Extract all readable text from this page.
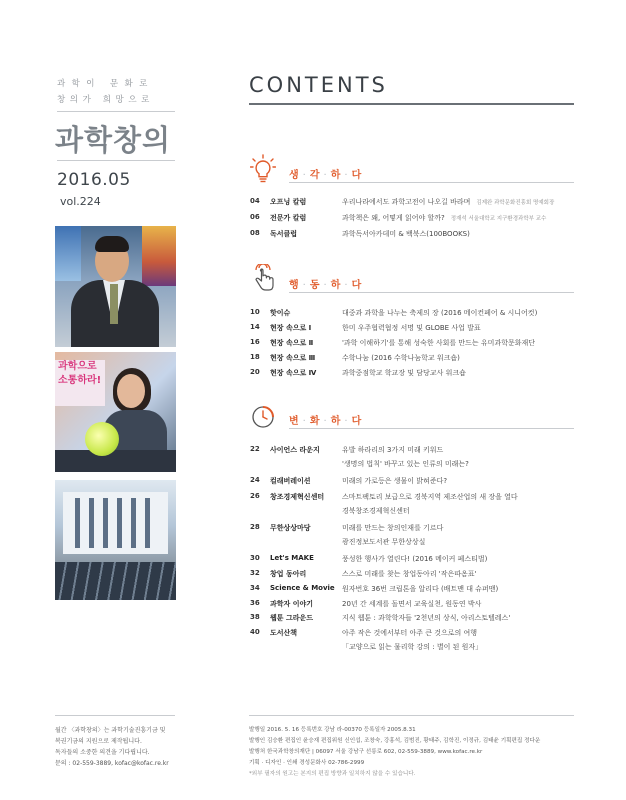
과학이 문화로
창의가 희망으로
과학창의
2016.05 vol.224
과학으로
소통하라!
CONTENTS
생 · 각 · 하 · 다
04 오프닝 칼럼	우리나라에서도 과학고전이 나오길 바라며 김제완 과학문화진흥회 명예회장
06 전문가 칼럼	과학책은 왜, 어떻게 읽어야 할까? 정재석 서울대학교 지구환경과학부 교수
08 독서클럽	과학독서아카데미 & 백북스(100BOOKS)
행 · 동 · 하 · 다
10 핫이슈	대중과 과학을 나누는 축제의 장 (2016 메이컨페어 & 시니어컷)
14 현장 속으로 Ⅰ	한미 우주협력협정 서명 및 GLOBE 사업 발표
16 현장 속으로 Ⅱ	'과학 이해하기'를 통해 성숙한 사회를 만드는 유미과학문화재단
18 현장 속으로 Ⅲ	수학나눔 (2016 수학나눔학교 워크숍)
20 현장 속으로 Ⅳ	과학중점학교 학교장 및 담당교사 워크숍
변 · 화 · 하 · 다
22 사이언스 라운지	유발 하라리의 3가지 미래 키워드
'생명의 법칙' 바꾸고 있는 인류의 미래는?
24 컬래버레이션	미래의 가로등은 생물이 밝혀준다?
26 창조경제혁신센터	스마트팩토리 보급으로 경북지역 제조산업의 새 장을 열다
경북창조경제혁신센터
28 무한상상마당	미래를 만드는 창의인재를 기르다
광진정보도서관 무한상상실
30 Let's MAKE	풍성한 행사가 열린다! (2016 메이커 페스티벌)
32 창업 동아리	스스로 미래를 찾는 창업동아리 '작은따옴표'
34 Science & Movie 원자번호 36번 크립톤을 알리다 (배트맨 대 슈퍼맨)
36 과학자 이야기	20년 간 세계를 돌면서 교육실천, 원동연 박사
38 웹툰 그라운드	지식 웹툰 : 과학학자들 '2천년의 상식, 아리스토텔레스'
40 도서산책	아주 작은 것에서부터 아주 큰 것으로의 여행
「교양으로 읽는 물리학 강의 : 별이 된 원자」
월간 〈과학창의〉는 과학기술진흥기금 및
복권기금의 지원으로 제작됩니다.
독자들의 소중한 의견을 기다립니다.
문의 : 02-559-3889, kofac@kofac.re.kr
발행일 2016. 5. 16 등록번호 강남 라-00370 등록일자 2005.8.31
발행인 김승환 편집인 윤승재 편집위원 신인섭, 조창숙, 강홍석, 김범진, 황태주, 김학진, 이정규, 김태윤 기획편집 정다운
발행처 한국과학창의재단 | 06097 서울 강남구 선릉로 602, 02-559-3889, www.kofac.re.kr
기획 · 디자인 · 인쇄 경성문화사 02-786-2999
*외부 필자의 원고는 본지의 편집 방향과 일치하지 않을 수 있습니다.
